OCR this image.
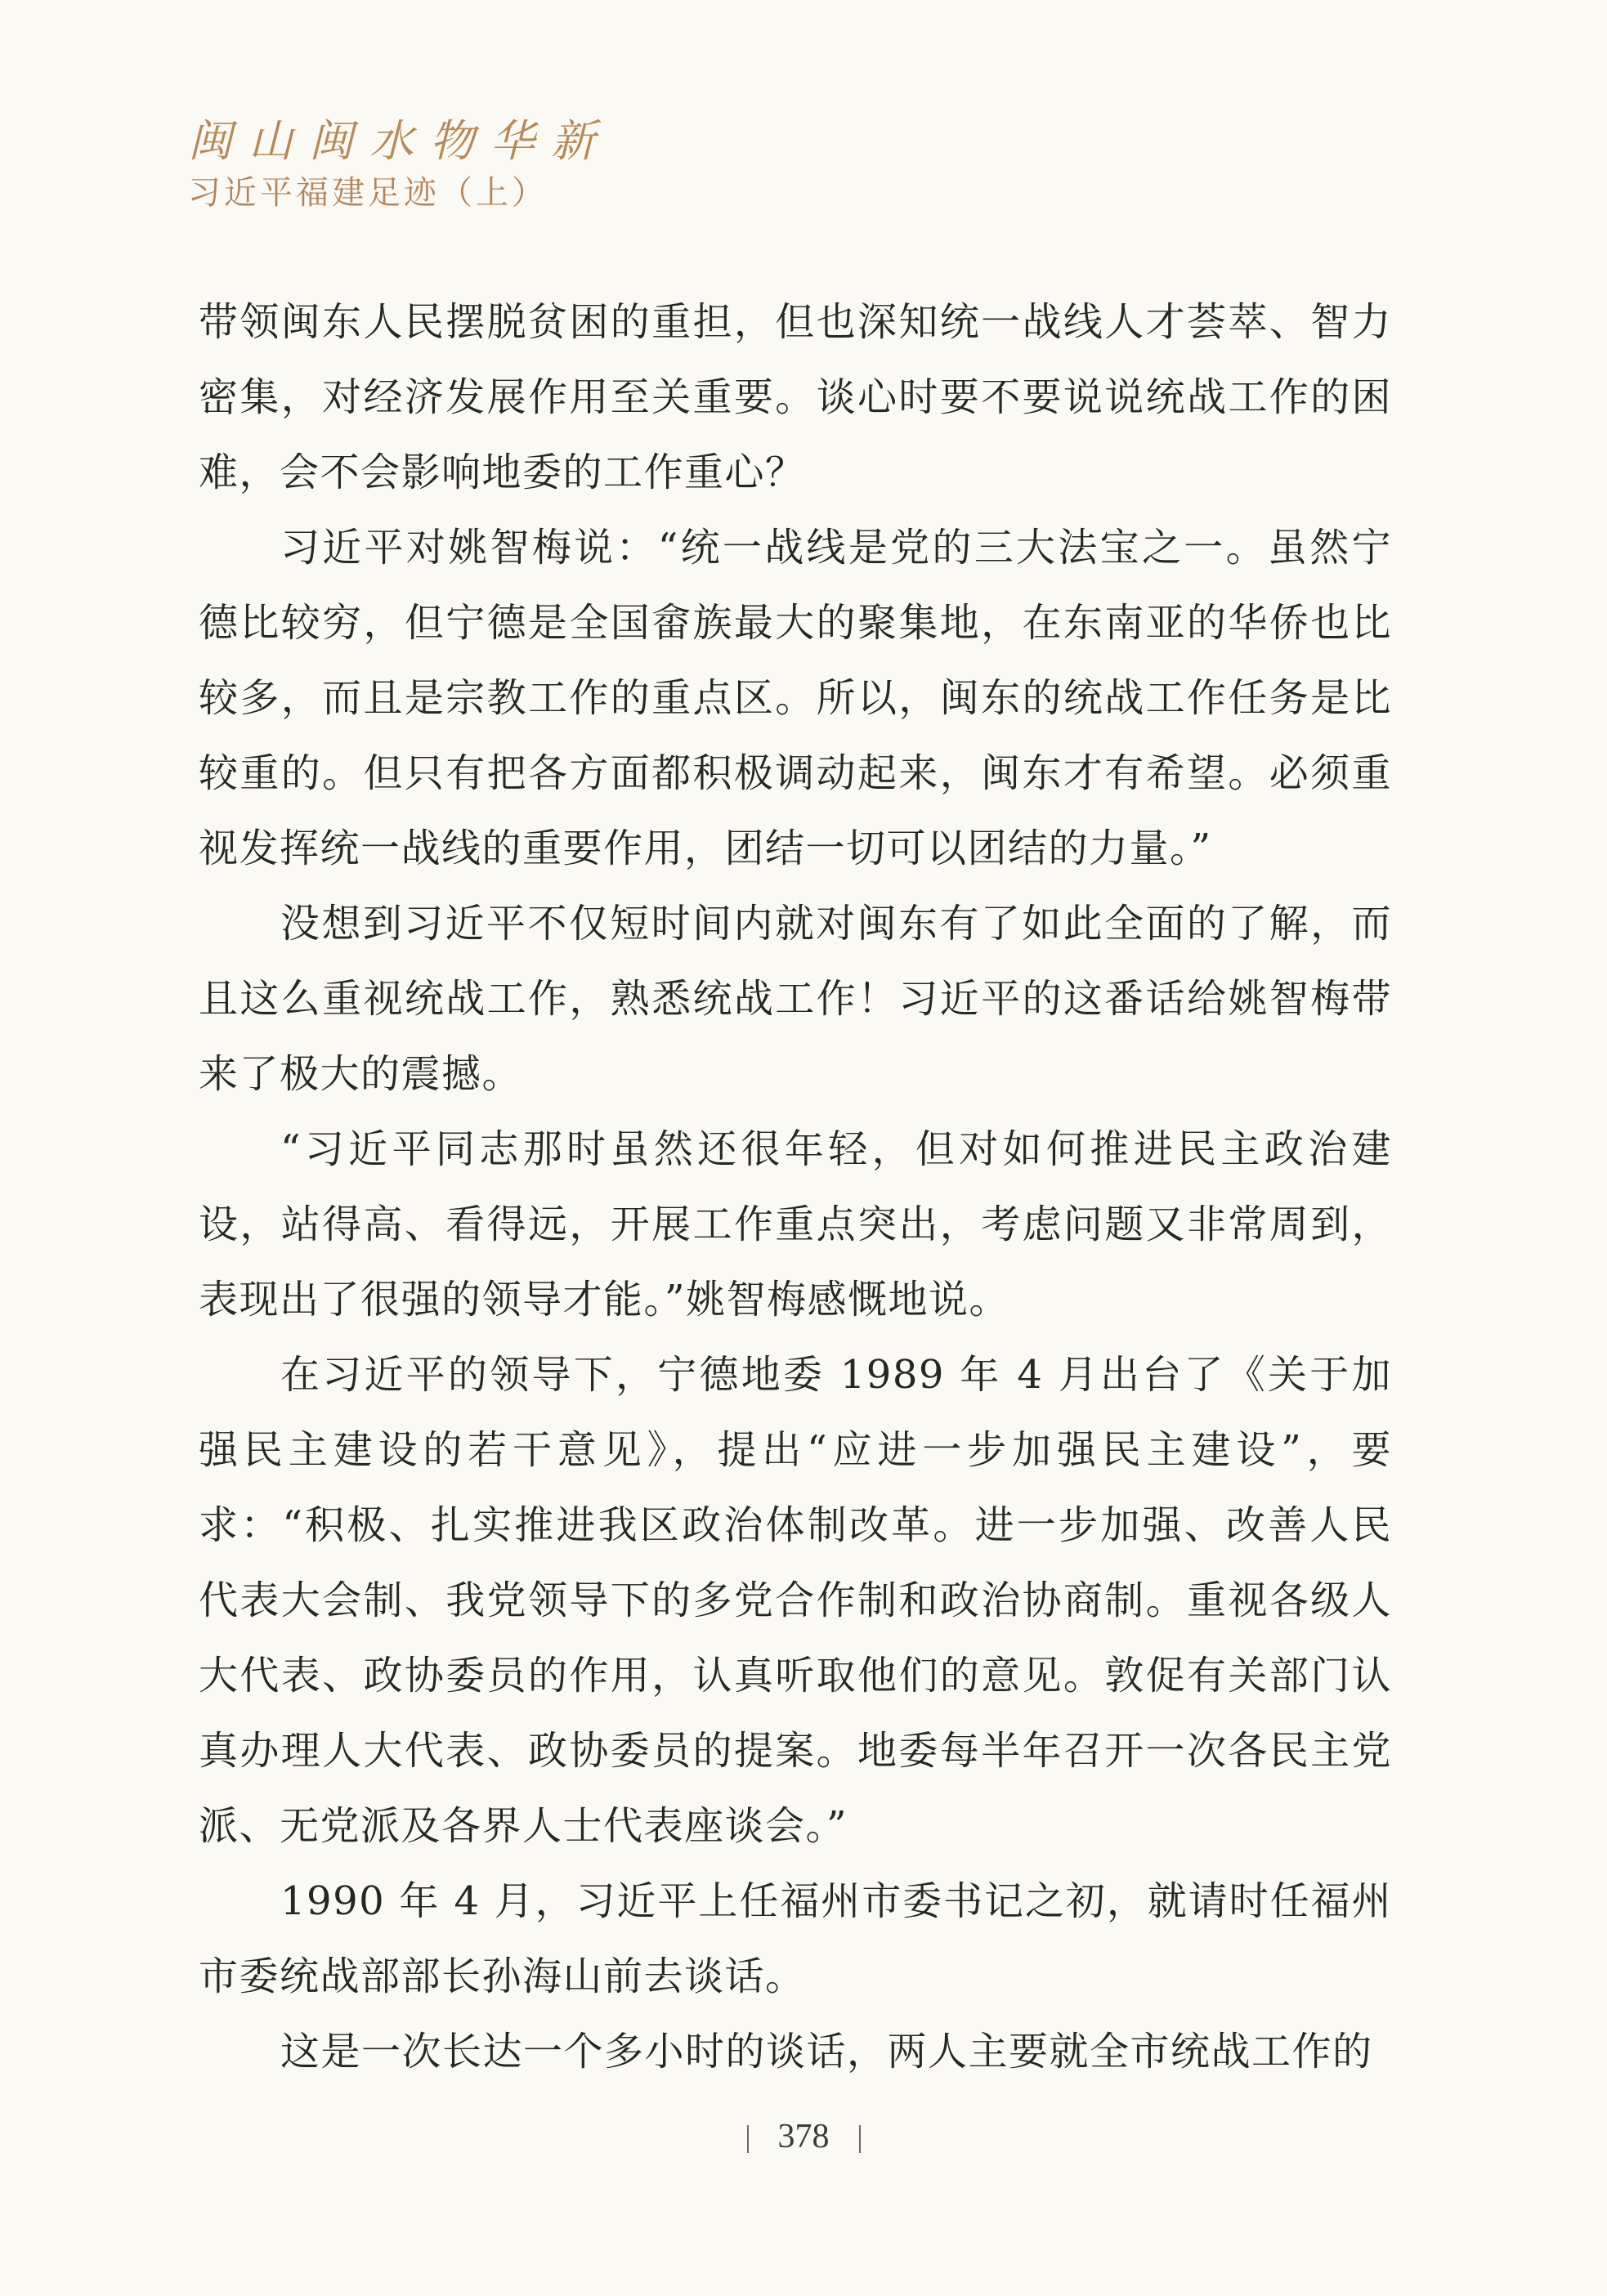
闽山闽水物华新
习近平福建足迹（上）

带领闽东人民摆脱贫困的重担，但也深知统一战线人才荟萃、智力密集，对经济发展作用至关重要。谈心时要不要说说统战工作的困难，会不会影响地委的工作重心？

习近平对姚智梅说：“统一战线是党的三大法宝之一。虽然宁德比较穷，但宁德是全国畲族最大的聚集地，在东南亚的华侨也比较多，而且是宗教工作的重点区。所以，闽东的统战工作任务是比较重的。但只有把各方面都积极调动起来，闽东才有希望。必须重视发挥统一战线的重要作用，团结一切可以团结的力量。”

没想到习近平不仅短时间内就对闽东有了如此全面的了解，而且这么重视统战工作，熟悉统战工作！习近平的这番话给姚智梅带来了极大的震撼。

“习近平同志那时虽然还很年轻，但对如何推进民主政治建设，站得高、看得远，开展工作重点突出，考虑问题又非常周到，表现出了很强的领导才能。”姚智梅感慨地说。

在习近平的领导下，宁德地委 1989 年 4 月出台了《关于加强民主建设的若干意见》，提出“应进一步加强民主建设”，要求：“积极、扎实推进我区政治体制改革。进一步加强、改善人民代表大会制、我党领导下的多党合作制和政治协商制。重视各级人大代表、政协委员的作用，认真听取他们的意见。敦促有关部门认真办理人大代表、政协委员的提案。地委每半年召开一次各民主党派、无党派及各界人士代表座谈会。”

1990 年 4 月，习近平上任福州市委书记之初，就请时任福州市委统战部部长孙海山前去谈话。

这是一次长达一个多小时的谈话，两人主要就全市统战工作的

378
